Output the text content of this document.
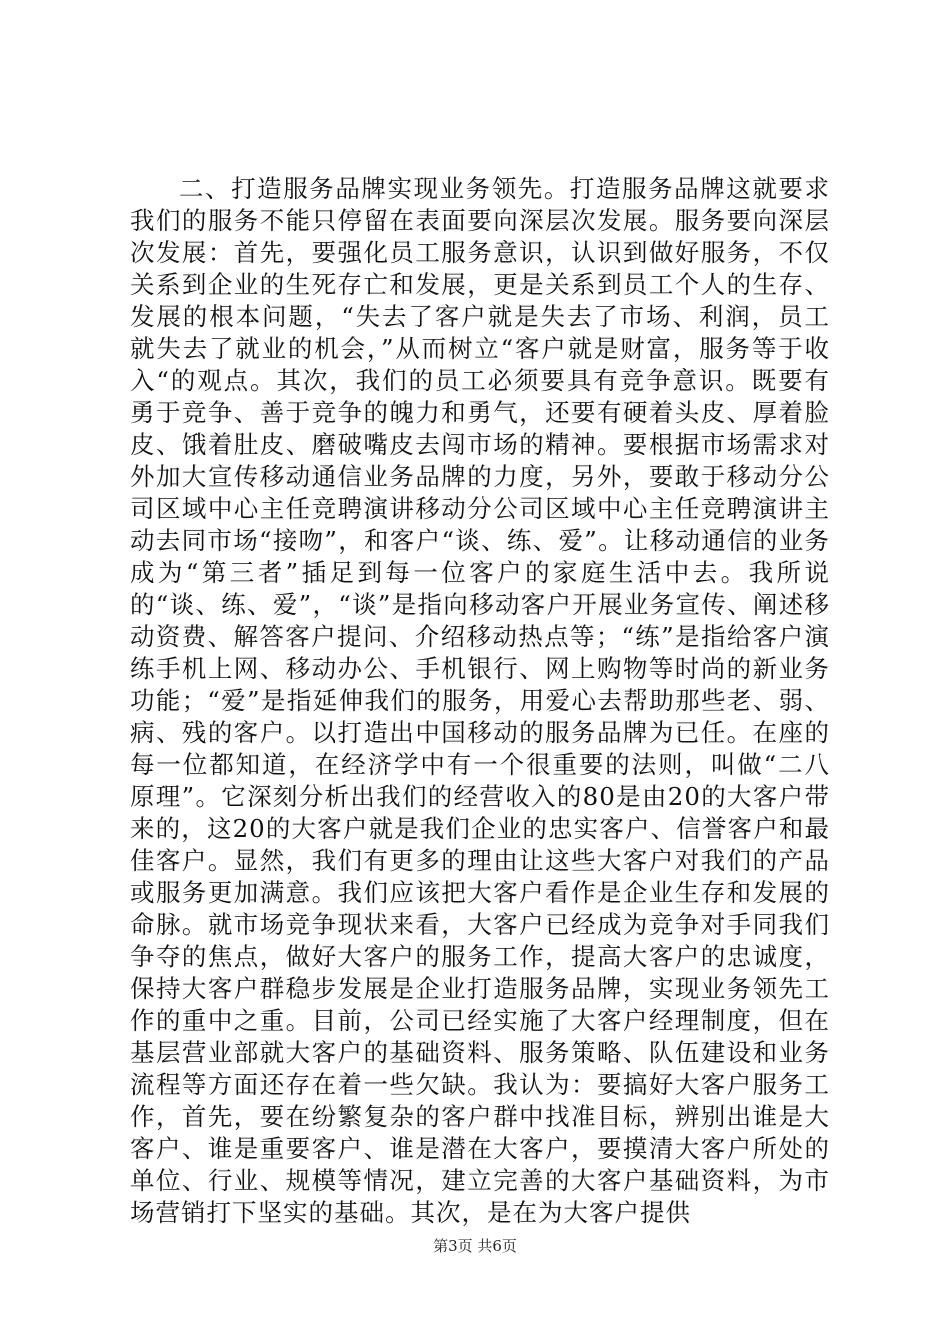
二、打造服务品牌实现业务领先。打造服务品牌这就要求我们的服务不能只停留在表面要向深层次发展。服务要向深层次发展：首先，要强化员工服务意识，认识到做好服务，不仅关系到企业的生死存亡和发展，更是关系到员工个人的生存、发展的根本问题，“失去了客户就是失去了市场、利润，员工就失去了就业的机会，”从而树立“客户就是财富，服务等于收入“的观点。其次，我们的员工必须要具有竞争意识。既要有勇于竞争、善于竞争的魄力和勇气，还要有硬着头皮、厚着脸皮、饿着肚皮、磨破嘴皮去闯市场的精神。要根据市场需求对外加大宣传移动通信业务品牌的力度，另外，要敢于移动分公司区域中心主任竞聘演讲移动分公司区域中心主任竞聘演讲主动去同市场“接吻”，和客户“谈、练、爱”。让移动通信的业务成为“第三者”插足到每一位客户的家庭生活中去。我所说的“谈、练、爱”，“谈”是指向移动客户开展业务宣传、阐述移动资费、解答客户提问、介绍移动热点等；“练”是指给客户演练手机上网、移动办公、手机银行、网上购物等时尚的新业务功能；“爱”是指延伸我们的服务，用爱心去帮助那些老、弱、病、残的客户。以打造出中国移动的服务品牌为已任。在座的每一位都知道，在经济学中有一个很重要的法则，叫做“二八原理”。它深刻分析出我们的经营收入的80是由20的大客户带来的，这20的大客户就是我们企业的忠实客户、信誉客户和最佳客户。显然，我们有更多的理由让这些大客户对我们的产品或服务更加满意。我们应该把大客户看作是企业生存和发展的命脉。就市场竞争现状来看，大客户已经成为竞争对手同我们争夺的焦点，做好大客户的服务工作，提高大客户的忠诚度，保持大客户群稳步发展是企业打造服务品牌，实现业务领先工作的重中之重。目前，公司已经实施了大客户经理制度，但在基层营业部就大客户的基础资料、服务策略、队伍建设和业务流程等方面还存在着一些欠缺。我认为：要搞好大客户服务工作，首先，要在纷繁复杂的客户群中找准目标，辨别出谁是大客户、谁是重要客户、谁是潜在大客户，要摸清大客户所处的单位、行业、规模等情况，建立完善的大客户基础资料，为市场营销打下坚实的基础。其次，是在为大客户提供

第3页 共6页
